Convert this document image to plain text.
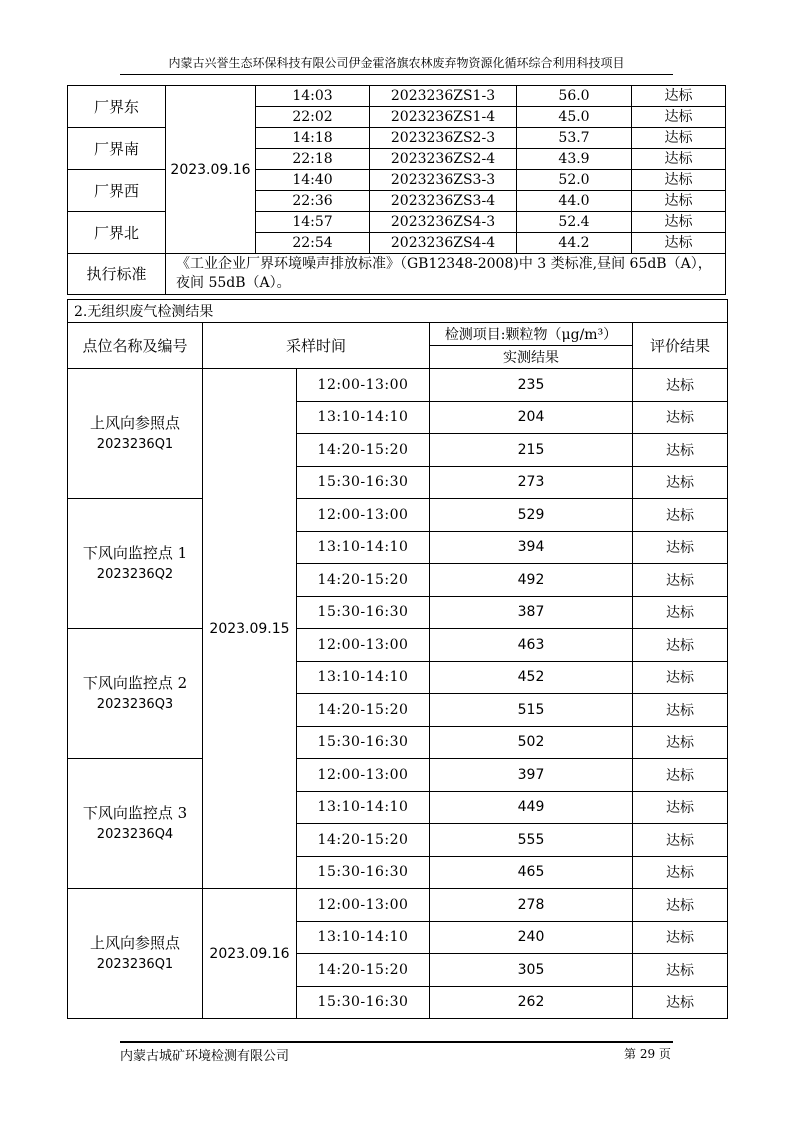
内蒙古兴誉生态环保科技有限公司伊金霍洛旗农林废弃物资源化循环综合利用科技项目
厂界东	2023.09.16	14:03	2023236ZS1-3	56.0	达标
		22:02	2023236ZS1-4	45.0	达标
厂界南		14:18	2023236ZS2-3	53.7	达标
		22:18	2023236ZS2-4	43.9	达标
厂界西		14:40	2023236ZS3-3	52.0	达标
		22:36	2023236ZS3-4	44.0	达标
厂界北		14:57	2023236ZS4-3	52.4	达标
		22:54	2023236ZS4-4	44.2	达标
执行标准	《工业企业厂界环境噪声排放标准》（GB12348-2008)中 3 类标准,昼间 65dB（A），夜间 55dB（A）。				
2.无组织废气检测结果				
点位名称及编号	采样时间		检测项目:颗粒物（μg/m³）	评价结果
			实测结果	

上风向参照点
2023236Q1	2023.09.15	12:00-13:00	235	达标
		13:10-14:10	204	达标
		14:20-15:20	215	达标
		15:30-16:30	273	达标

下风向监控点 1
2023236Q2		12:00-13:00	529	达标
		13:10-14:10	394	达标
		14:20-15:20	492	达标
		15:30-16:30	387	达标

下风向监控点 2
2023236Q3		12:00-13:00	463	达标
		13:10-14:10	452	达标
		14:20-15:20	515	达标
		15:30-16:30	502	达标

下风向监控点 3
2023236Q4		12:00-13:00	397	达标
		13:10-14:10	449	达标
		14:20-15:20	555	达标
		15:30-16:30	465	达标

上风向参照点
2023236Q1	2023.09.16	12:00-13:00	278	达标
		13:10-14:10	240	达标
		14:20-15:20	305	达标
		15:30-16:30	262	达标
内蒙古城矿环境检测有限公司	第 29 页
